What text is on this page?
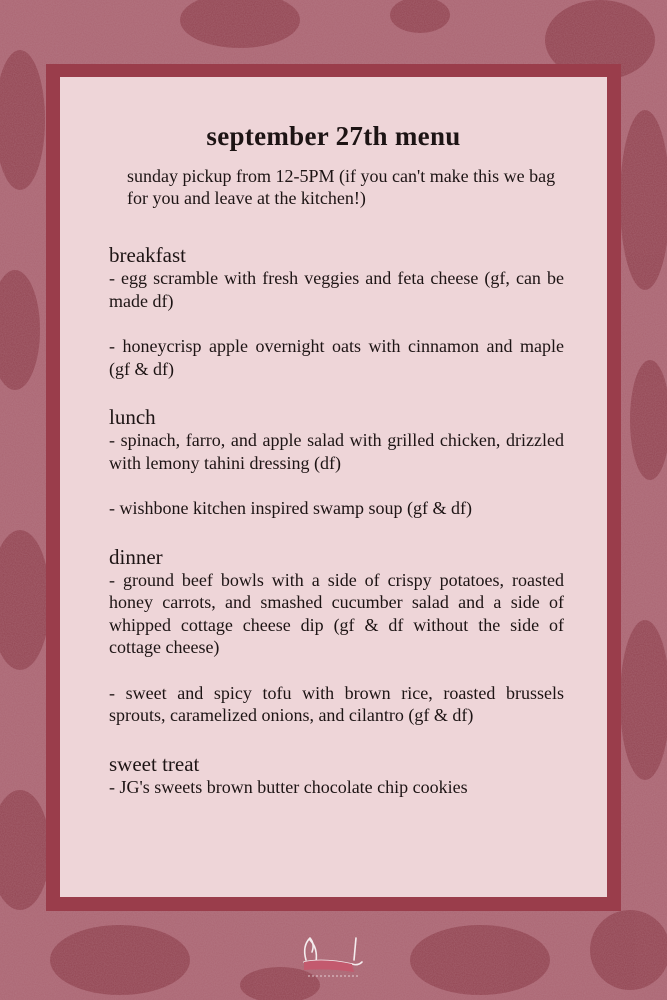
september 27th menu

sunday pickup from 12-5PM (if you can't make this we bag for you and leave at the kitchen!)

breakfast

- egg scramble with fresh veggies and feta cheese (gf, can be made df)

- honeycrisp apple overnight oats with cinnamon and maple (gf & df)

lunch

- spinach, farro, and apple salad with grilled chicken, drizzled with lemony tahini dressing (df)

- wishbone kitchen inspired swamp soup (gf & df)

dinner

- ground beef bowls with a side of crispy potatoes, roasted honey carrots, and smashed cucumber salad and a side of whipped cottage cheese dip (gf & df without the side of cottage cheese)

- sweet and spicy tofu with brown rice, roasted brussels sprouts, caramelized onions, and cilantro (gf & df)

sweet treat

- JG's sweets brown butter chocolate chip cookies
